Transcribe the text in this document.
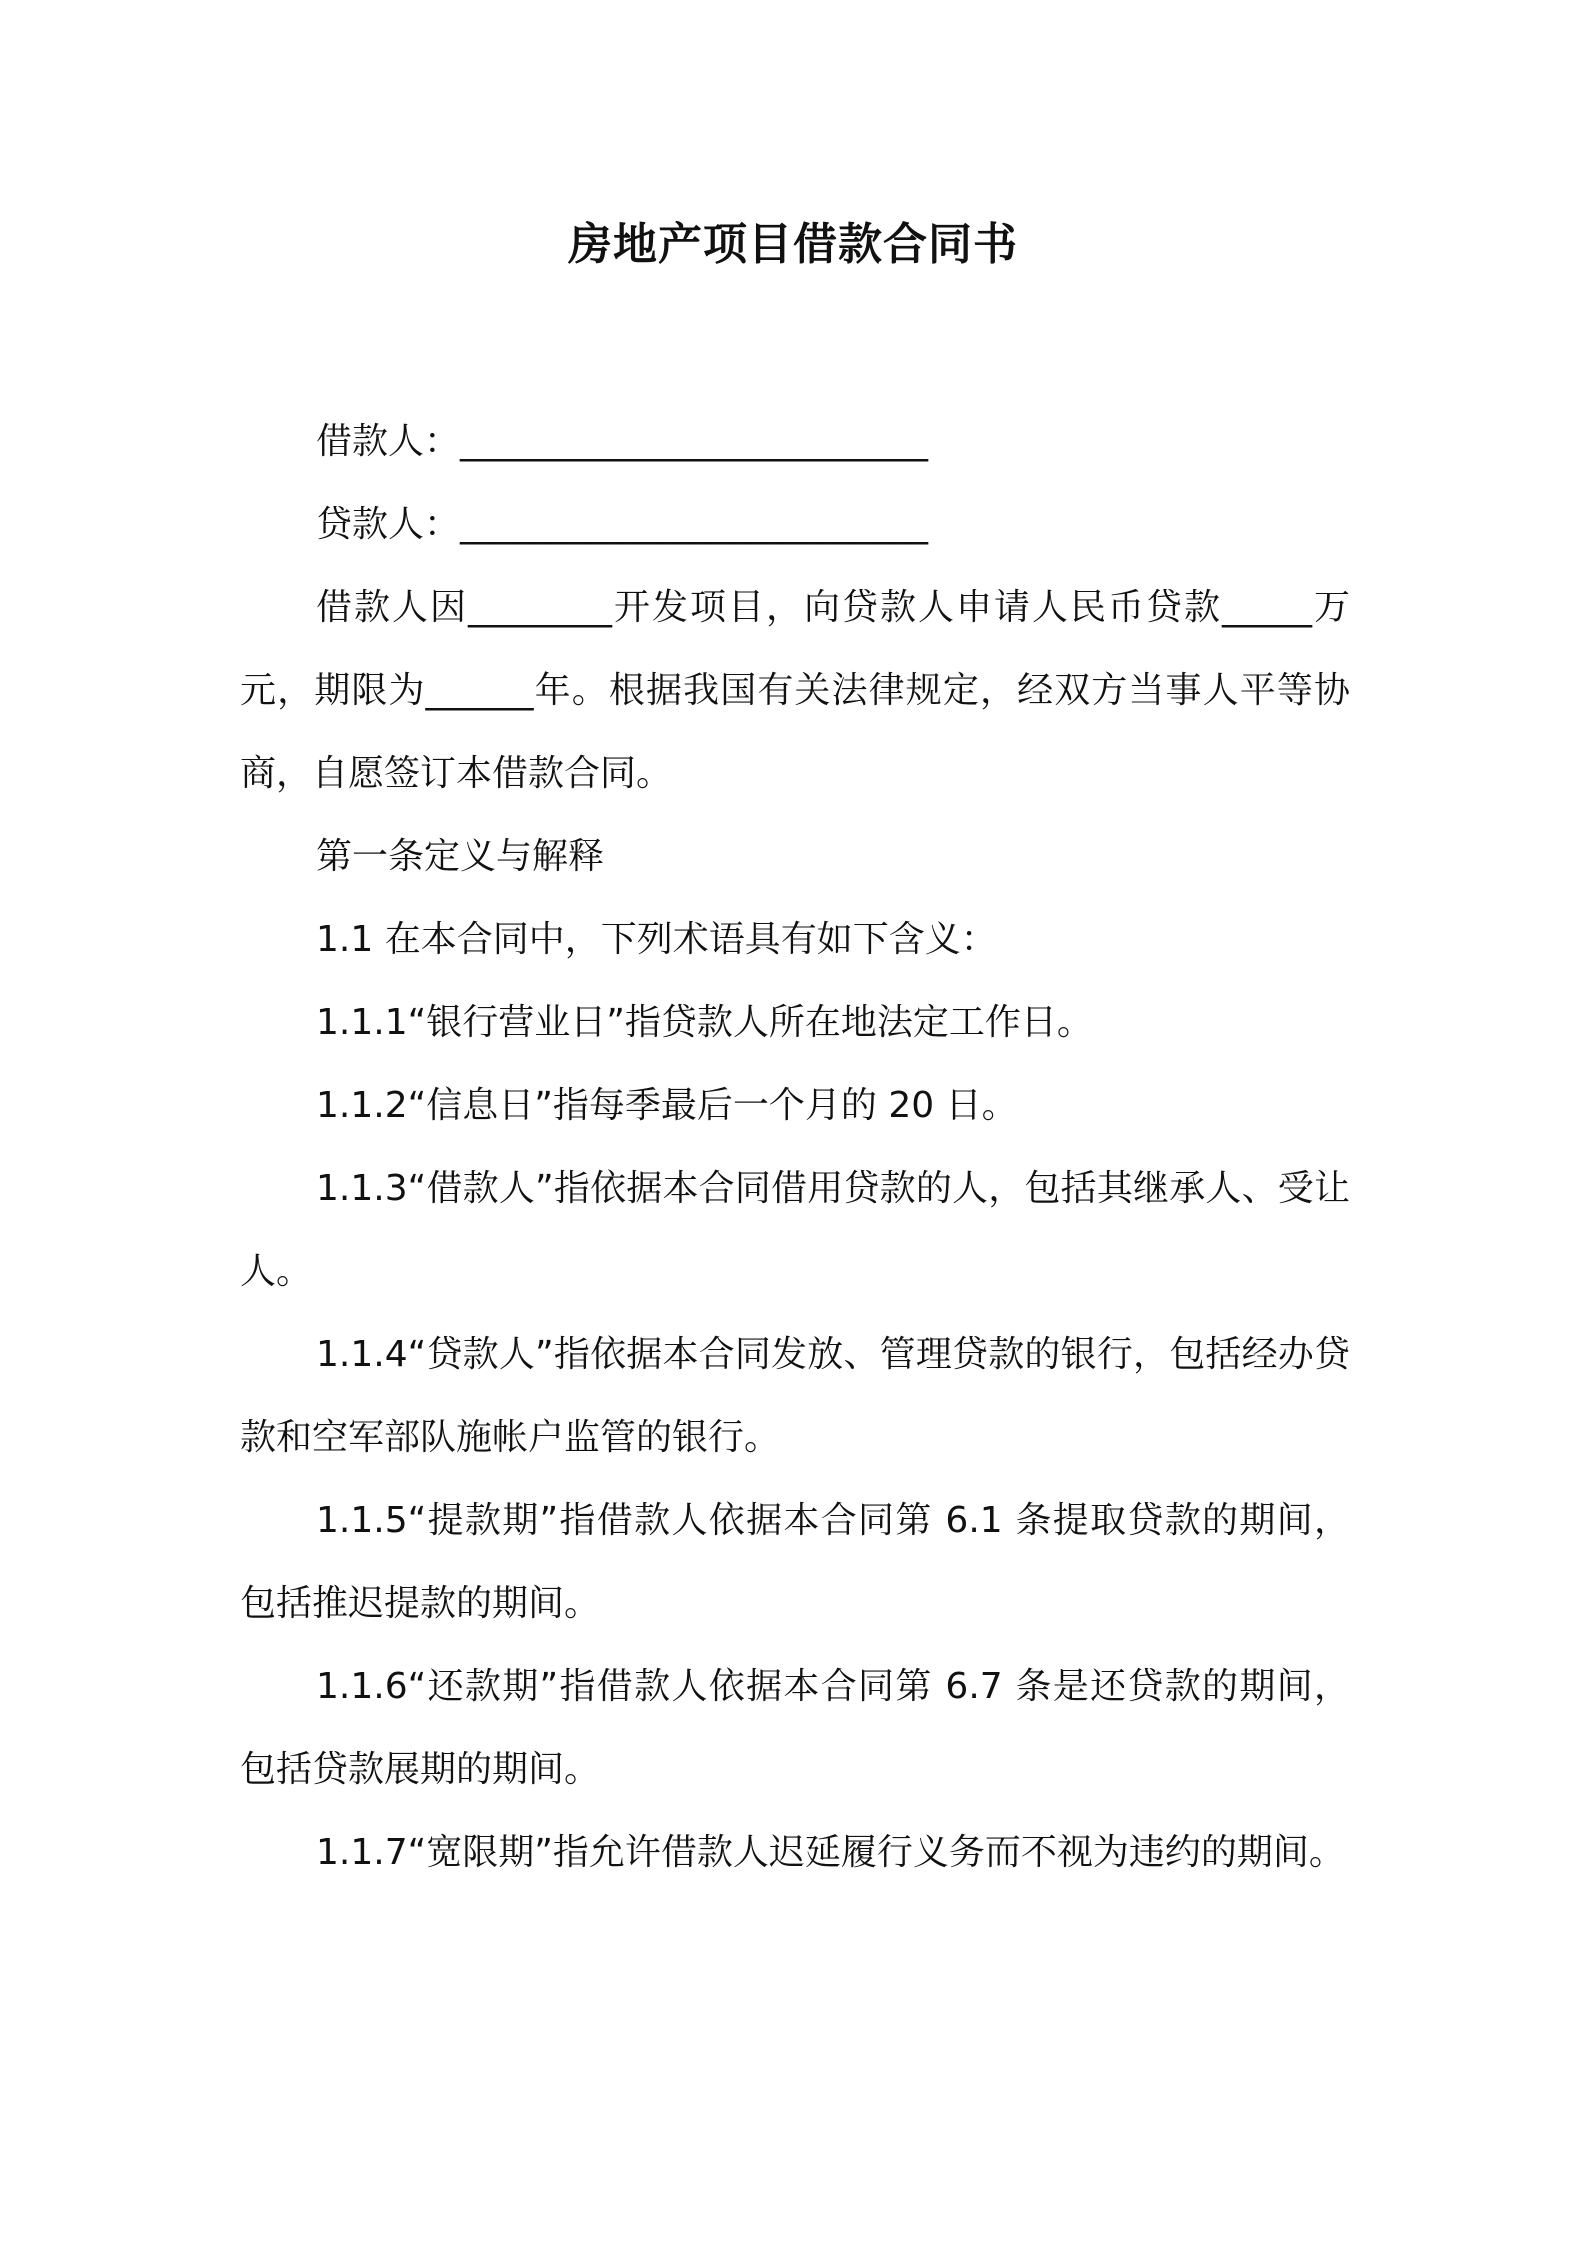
房地产项目借款合同书

借款人：__________________________

贷款人：__________________________

借款人因________开发项目，向贷款人申请人民币贷款_____万元，期限为______年。根据我国有关法律规定，经双方当事人平等协商，自愿签订本借款合同。

第一条定义与解释

1.1 在本合同中，下列术语具有如下含义：

1.1.1“银行营业日”指贷款人所在地法定工作日。

1.1.2“信息日”指每季最后一个月的 20 日。

1.1.3“借款人”指依据本合同借用贷款的人，包括其继承人、受让人。

1.1.4“贷款人”指依据本合同发放、管理贷款的银行，包括经办贷款和空军部队施帐户监管的银行。

1.1.5“提款期”指借款人依据本合同第 6.1 条提取贷款的期间，包括推迟提款的期间。

1.1.6“还款期”指借款人依据本合同第 6.7 条是还贷款的期间，包括贷款展期的期间。

1.1.7“宽限期”指允许借款人迟延履行义务而不视为违约的期间。
